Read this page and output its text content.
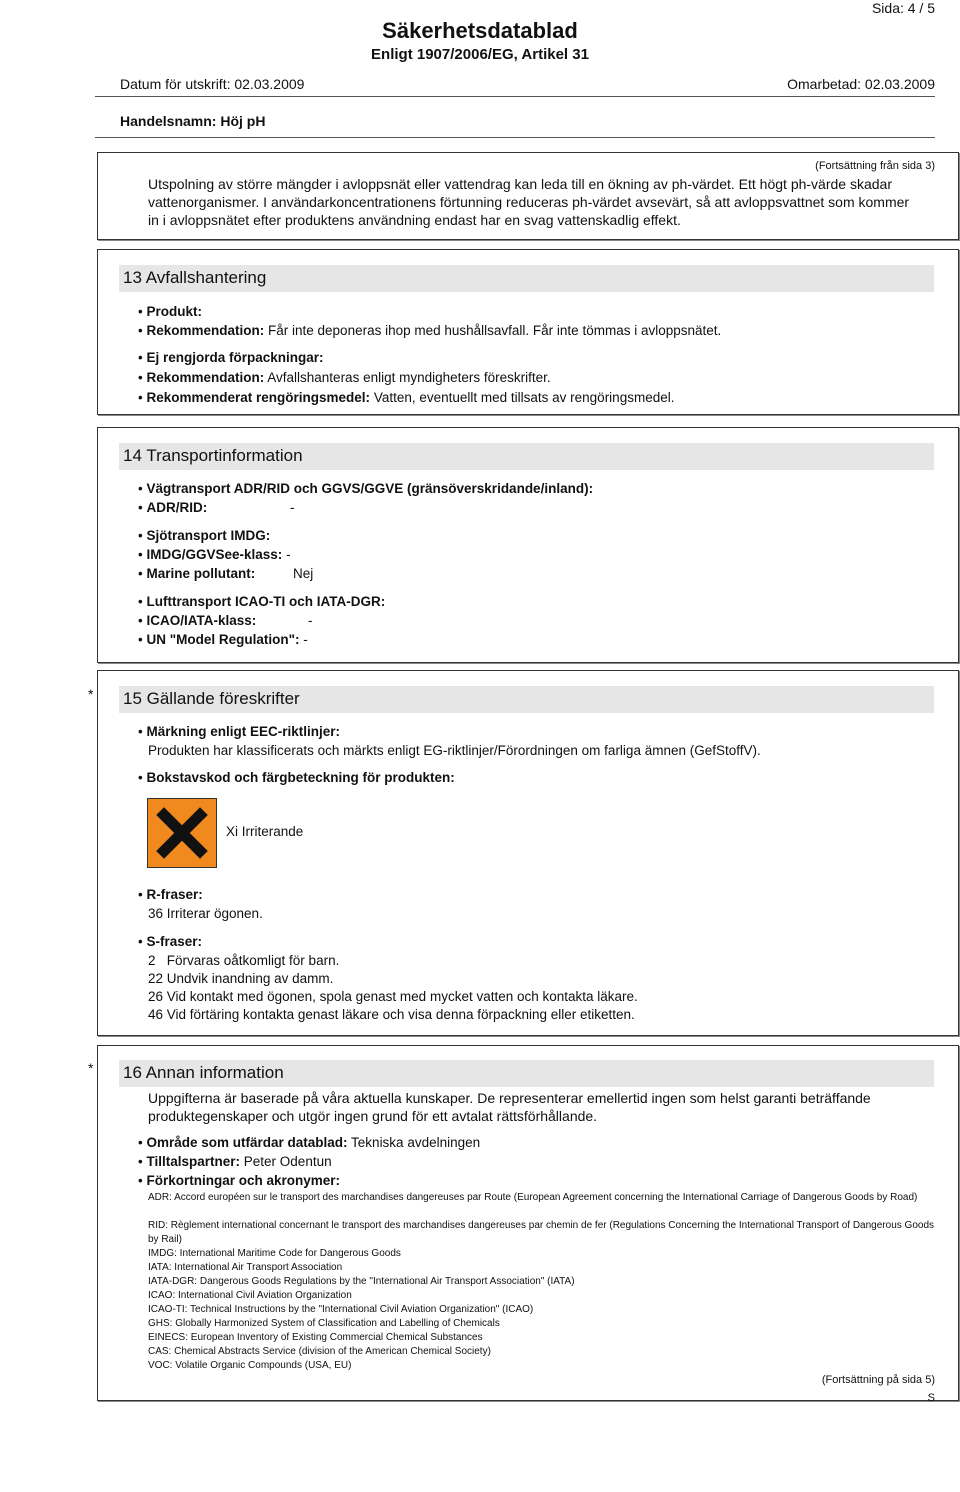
Sida: 4 / 5
Säkerhetsdatablad
Enligt 1907/2006/EG, Artikel 31
Datum för utskrift: 02.03.2009	Omarbetad: 02.03.2009
Handelsnamn: Höj pH
(Fortsättning från sida 3)
Utspolning av större mängder i avloppsnät eller vattendrag kan leda till en ökning av ph-värdet. Ett högt ph-värde skadar
vattenorganismer. I användarkoncentrationens förtunning reduceras ph-värdet avsevärt, så att avloppsvattnet som kommer
in i avloppsnätet efter produktens användning endast har en svag vattenskadlig effekt.
13 Avfallshantering
• Produkt:
• Rekommendation: Får inte deponeras ihop med hushållsavfall. Får inte tömmas i avloppsnätet.
• Ej rengjorda förpackningar:
• Rekommendation: Avfallshanteras enligt myndigheters föreskrifter.
• Rekommenderat rengöringsmedel: Vatten, eventuellt med tillsats av rengöringsmedel.
14 Transportinformation
• Vägtransport ADR/RID och GGVS/GGVE (gränsöverskridande/inland):
• ADR/RID:	-
• Sjötransport IMDG:
• IMDG/GGVSee-klass: -
• Marine pollutant:	Nej
• Lufttransport ICAO-TI och IATA-DGR:
• ICAO/IATA-klass:	-
• UN "Model Regulation": -
* 15 Gällande föreskrifter
• Märkning enligt EEC-riktlinjer:
Produkten har klassificerats och märkts enligt EG-riktlinjer/Förordningen om farliga ämnen (GefStoffV).
• Bokstavskod och färgbeteckning för produkten:
Xi Irriterande
• R-fraser:
36 Irriterar ögonen.
• S-fraser:
2   Förvaras oåtkomligt för barn.
22 Undvik inandning av damm.
26 Vid kontakt med ögonen, spola genast med mycket vatten och kontakta läkare.
46 Vid förtäring kontakta genast läkare och visa denna förpackning eller etiketten.
* 16 Annan information
Uppgifterna är baserade på våra aktuella kunskaper. De representerar emellertid ingen som helst garanti beträffande
produktegenskaper och utgör ingen grund för ett avtalat rättsförhållande.
• Område som utfärdar datablad: Tekniska avdelningen
• Tilltalspartner: Peter Odentun
• Förkortningar och akronymer:
ADR: Accord européen sur le transport des marchandises dangereuses par Route (European Agreement concerning the International Carriage of Dangerous Goods by Road)
RID: Règlement international concernant le transport des marchandises dangereuses par chemin de fer (Regulations Concerning the International Transport of Dangerous Goods by Rail)
IMDG: International Maritime Code for Dangerous Goods
IATA: International Air Transport Association
IATA-DGR: Dangerous Goods Regulations by the "International Air Transport Association" (IATA)
ICAO: International Civil Aviation Organization
ICAO-TI: Technical Instructions by the "International Civil Aviation Organization" (ICAO)
GHS: Globally Harmonized System of Classification and Labelling of Chemicals
EINECS: European Inventory of Existing Commercial Chemical Substances
CAS: Chemical Abstracts Service (division of the American Chemical Society)
VOC: Volatile Organic Compounds (USA, EU)
(Fortsättning på sida 5)
S
